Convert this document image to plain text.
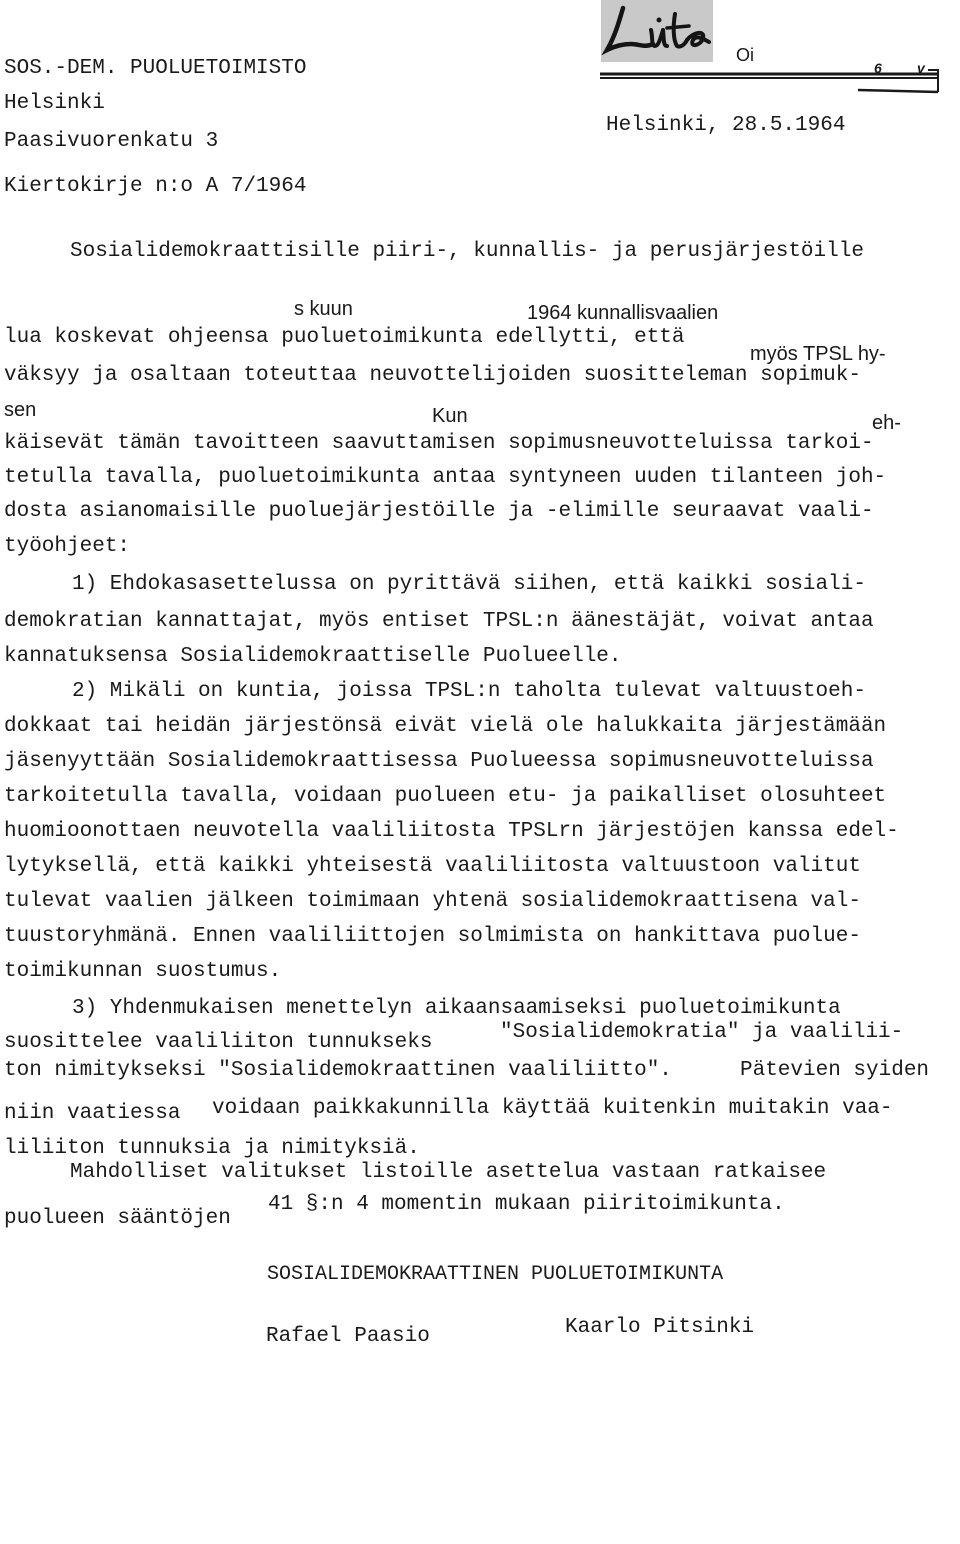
Oi
6	v
SOS.-DEM. PUOLUETOIMISTO
Helsinki
Paasivuorenkatu 3
Kiertokirje n:o A 7/1964
Helsinki, 28.5.1964
Sosialidemokraattisille piiri-, kunnallis- ja perusjärjestöille
s kuun	1964 kunnallisvaalien
lua koskevat ohjeensa puoluetoimikunta edellytti, että
myös TPSL hy-
väksyy ja osaltaan toteuttaa neuvottelijoiden suositteleman sopimuk-
sen	Kun	eh-
käisevät tämän tavoitteen saavuttamisen sopimusneuvotteluissa tarkoi-
tetulla tavalla, puoluetoimikunta antaa syntyneen uuden tilanteen joh-
dosta asianomaisille puoluejärjestöille ja -elimille seuraavat vaali-
työohjeet:
1) Ehdokasasettelussa on pyrittävä siihen, että kaikki sosiali-
demokratian kannattajat, myös entiset TPSL:n äänestäjät, voivat antaa
kannatuksensa Sosialidemokraattiselle Puolueelle.
2) Mikäli on kuntia, joissa TPSL:n taholta tulevat valtuustoeh-
dokkaat tai heidän järjestönsä eivät vielä ole halukkaita järjestämään
jäsenyyttään Sosialidemokraattisessa Puolueessa sopimusneuvotteluissa
tarkoitetulla tavalla, voidaan puolueen etu- ja paikalliset olosuhteet
huomioonottaen neuvotella vaaliliitosta TPSLrn järjestöjen kanssa edel-
lytyksellä, että kaikki yhteisestä vaaliliitosta valtuustoon valitut
tulevat vaalien jälkeen toimimaan yhtenä sosialidemokraattisena val-
tuustoryhmänä. Ennen vaaliliittojen solmimista on hankittava puolue-
toimikunnan suostumus.
3) Yhdenmukaisen menettelyn aikaansaamiseksi puoluetoimikunta
suosittelee vaaliliiton tunnukseks	"Sosialidemokratia" ja vaalilii-
ton nimitykseksi "Sosialidemokraattinen vaaliliitto".	Pätevien syiden
niin vaatiessa voidaan paikkakunnilla käyttää kuitenkin muitakin vaa-
liliiton tunnuksia ja nimityksiä.
Mahdolliset valitukset listoille asettelua vastaan ratkaisee
puolueen sääntöjen
41 §:n 4 momentin mukaan piiritoimikunta.
SOSIALIDEMOKRAATTINEN PUOLUETOIMIKUNTA
Rafael Paasio	Kaarlo Pitsinki
